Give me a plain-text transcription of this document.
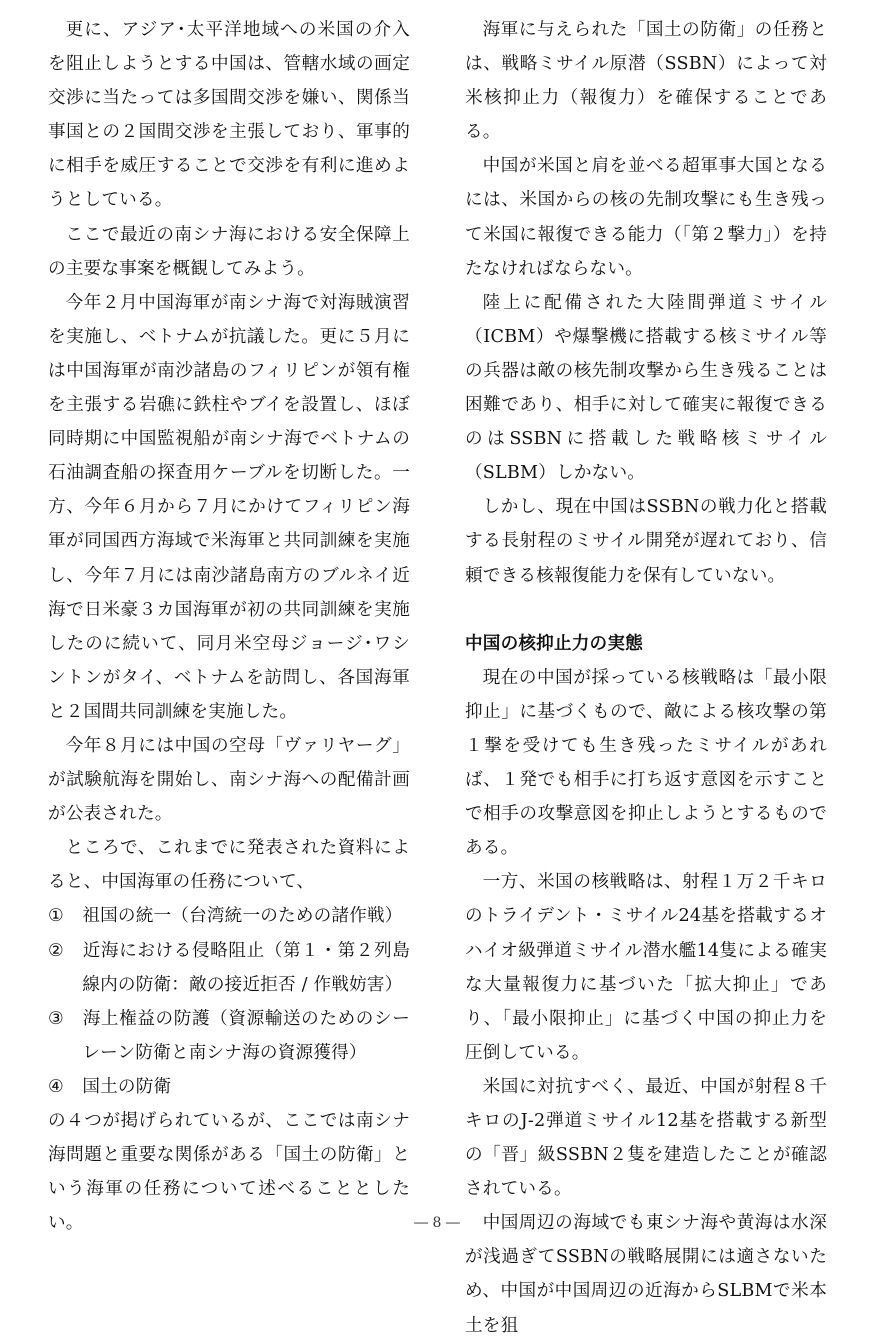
更に、アジア･太平洋地域への米国の介入を阻止しようとする中国は、管轄水域の画定交渉に当たっては多国間交渉を嫌い、関係当事国との２国間交渉を主張しており、軍事的に相手を威圧することで交渉を有利に進めようとしている。

ここで最近の南シナ海における安全保障上の主要な事案を概観してみよう。

今年２月中国海軍が南シナ海で対海賊演習を実施し、ベトナムが抗議した。更に５月には中国海軍が南沙諸島のフィリピンが領有権を主張する岩礁に鉄柱やブイを設置し、ほぼ同時期に中国監視船が南シナ海でベトナムの石油調査船の探査用ケーブルを切断した。一方、今年６月から７月にかけてフィリピン海軍が同国西方海域で米海軍と共同訓練を実施し、今年７月には南沙諸島南方のブルネイ近海で日米豪３カ国海軍が初の共同訓練を実施したのに続いて、同月米空母ジョージ･ワシントンがタイ、ベトナムを訪問し、各国海軍と２国間共同訓練を実施した。

今年８月には中国の空母「ヴァリヤーグ」が試験航海を開始し、南シナ海への配備計画が公表された。

ところで、これまでに発表された資料によると、中国海軍の任務について、

① 祖国の統一（台湾統一のための諸作戦）

② 近海における侵略阻止（第１・第２列島線内の防衛：敵の接近拒否 / 作戦妨害）

③ 海上権益の防護（資源輸送のためのシーレーン防衛と南シナ海の資源獲得）

④ 国土の防衛

の４つが掲げられているが、ここでは南シナ海問題と重要な関係がある「国土の防衛」という海軍の任務について述べることとしたい。

海軍に与えられた「国土の防衛」の任務とは、戦略ミサイル原潜（SSBN）によって対米核抑止力（報復力）を確保することである。

中国が米国と肩を並べる超軍事大国となるには、米国からの核の先制攻撃にも生き残って米国に報復できる能力（「第２撃力」）を持たなければならない。

陸上に配備された大陸間弾道ミサイル（ICBM）や爆撃機に搭載する核ミサイル等の兵器は敵の核先制攻撃から生き残ることは困難であり、相手に対して確実に報復できるのはSSBNに搭載した戦略核ミサイル（SLBM）しかない。

しかし、現在中国はSSBNの戦力化と搭載する長射程のミサイル開発が遅れており、信頼できる核報復能力を保有していない。

中国の核抑止力の実態

現在の中国が採っている核戦略は「最小限抑止」に基づくもので、敵による核攻撃の第１撃を受けても生き残ったミサイルがあれば、１発でも相手に打ち返す意図を示すことで相手の攻撃意図を抑止しようとするものである。

一方、米国の核戦略は、射程１万２千キロのトライデント・ミサイル24基を搭載するオハイオ級弾道ミサイル潜水艦14隻による確実な大量報復力に基づいた「拡大抑止」であり、「最小限抑止」に基づく中国の抑止力を圧倒している。

米国に対抗すべく、最近、中国が射程８千キロのJ-2弾道ミサイル12基を搭載する新型の「晋」級SSBN２隻を建造したことが確認されている。

中国周辺の海域でも東シナ海や黄海は水深が浅過ぎてSSBNの戦略展開には適さないため、中国が中国周辺の近海からSLBMで米本土を狙

― 8 ―
